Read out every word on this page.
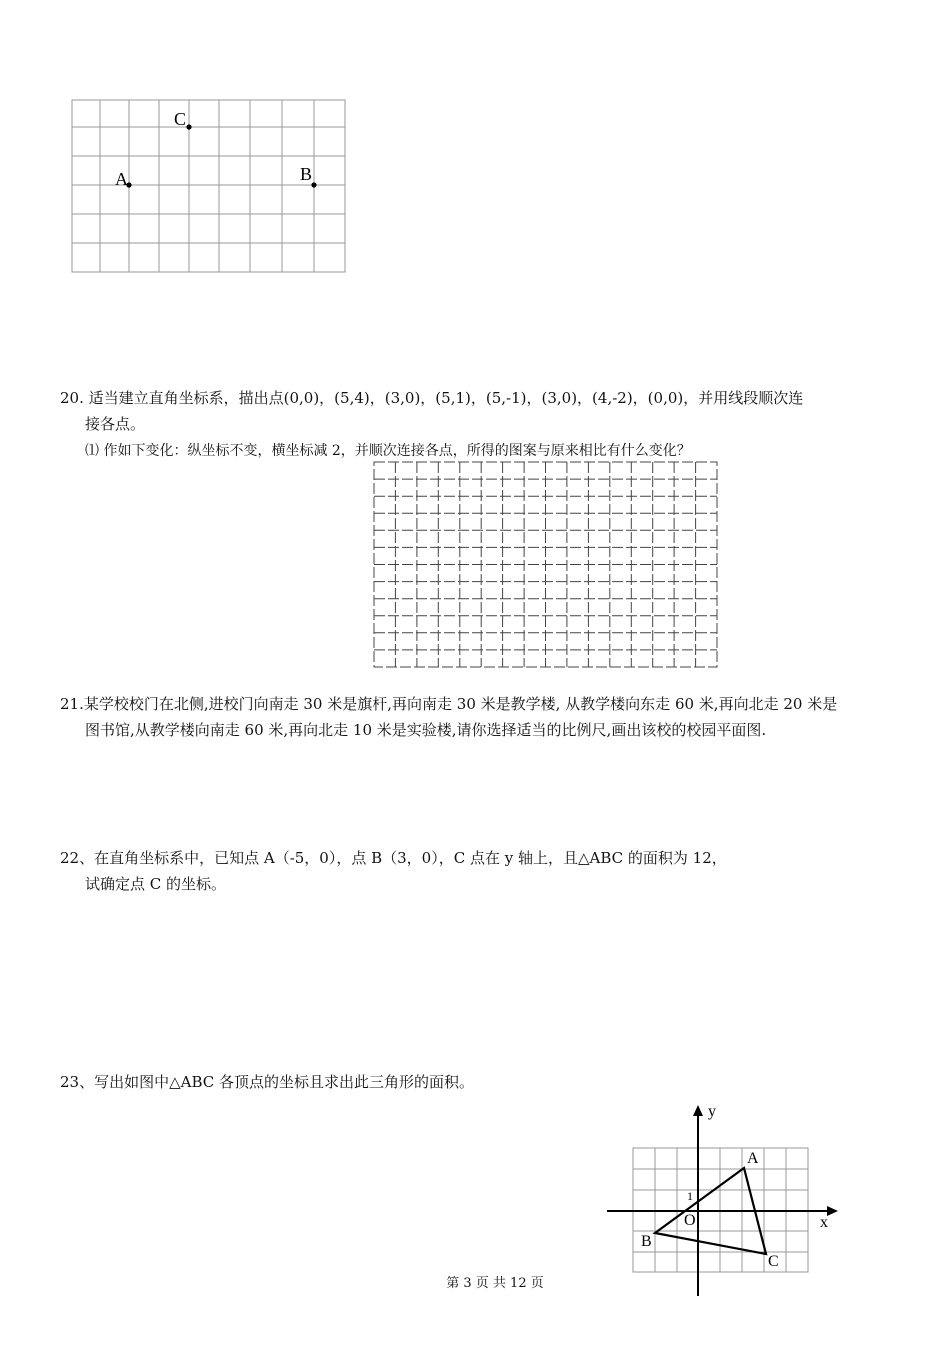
C
A	B
20. 适当建立直角坐标系，描出点(0,0)，(5,4)，(3,0)，(5,1)，(5,-1)，(3,0)，(4,-2)，(0,0)，并用线段顺次连
接各点。
⑴ 作如下变化：纵坐标不变，横坐标减 2，并顺次连接各点，所得的图案与原来相比有什么变化？
21.某学校校门在北侧,进校门向南走 30 米是旗杆,再向南走 30 米是教学楼, 从教学楼向东走 60 米,再向北走 20 米是
图书馆,从教学楼向南走 60 米,再向北走 10 米是实验楼,请你选择适当的比例尺,画出该校的校园平面图.
22、在直角坐标系中，已知点 A（-5，0），点 B（3，0），C 点在 y 轴上，且△ABC 的面积为 12，
试确定点 C 的坐标。
23、写出如图中△ABC 各顶点的坐标且求出此三角形的面积。
y
x
O
1
A
B
C
第 3 页 共 12 页
